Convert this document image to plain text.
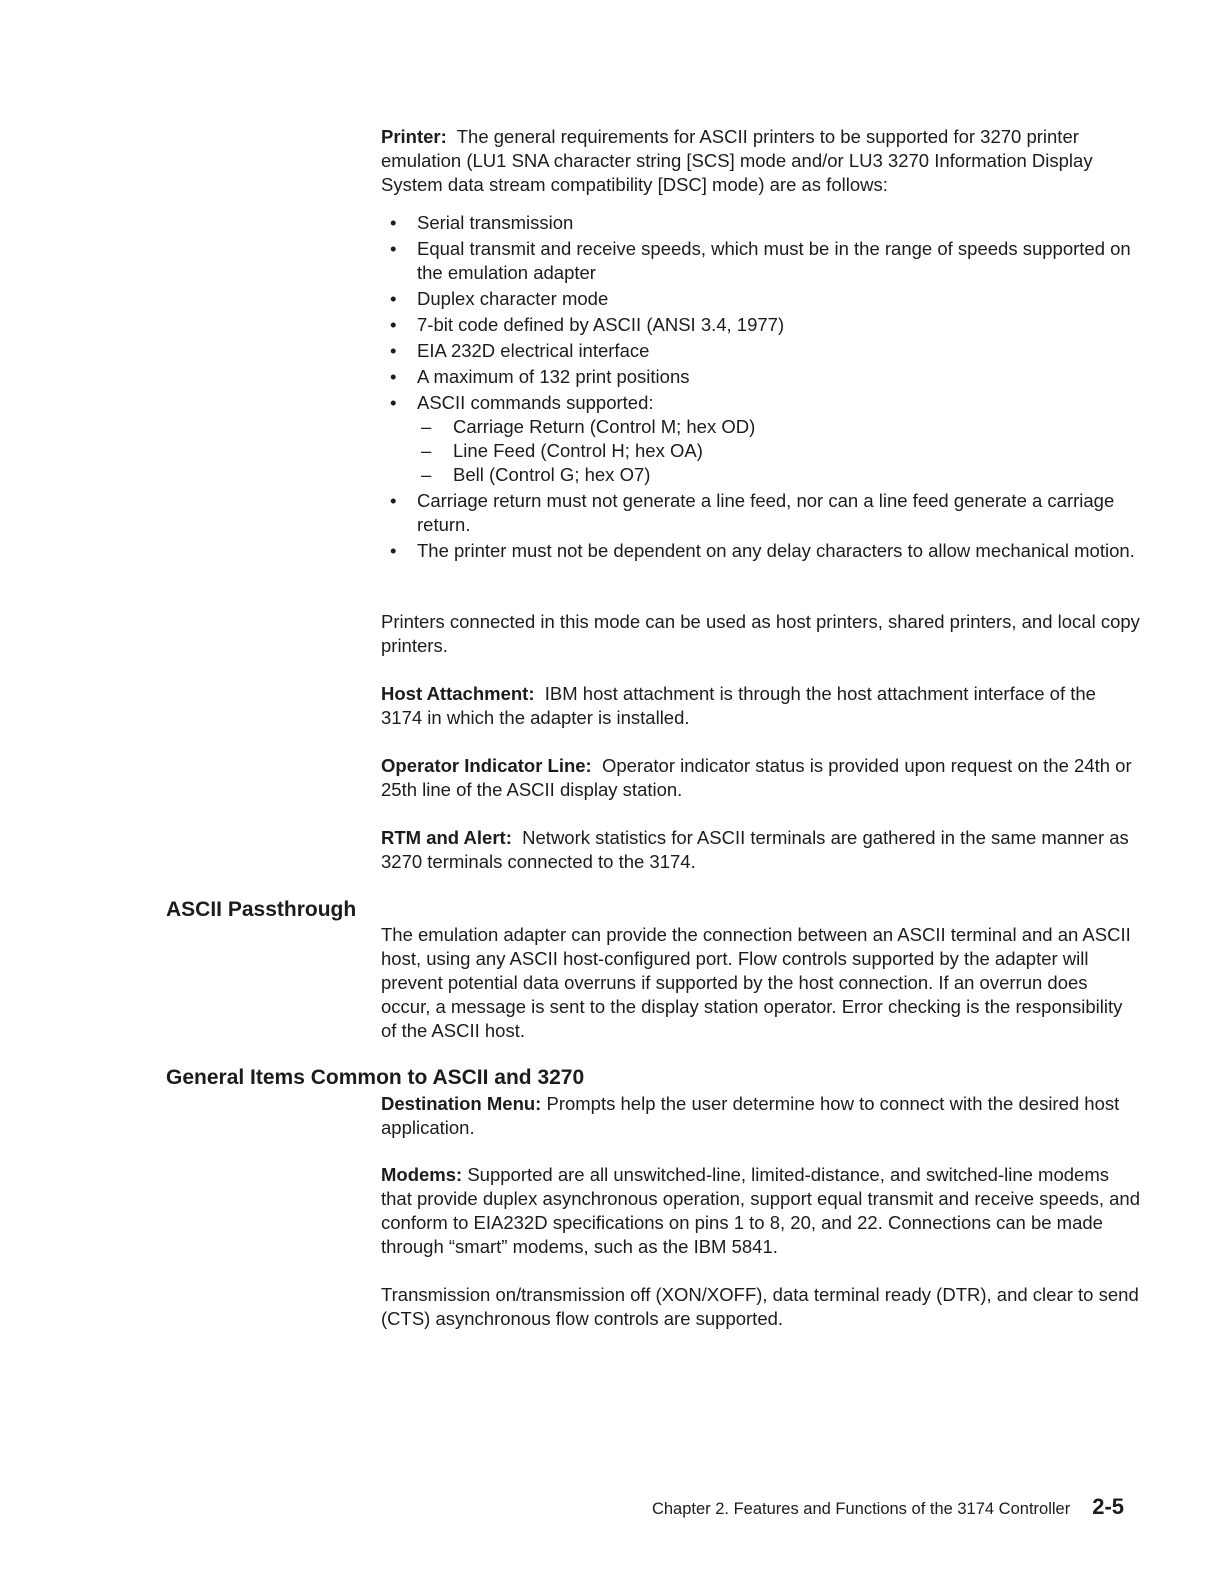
Printer: The general requirements for ASCII printers to be supported for 3270 printer emulation (LU1 SNA character string [SCS] mode and/or LU3 3270 Information Display System data stream compatibility [DSC] mode) are as follows:

• Serial transmission
• Equal transmit and receive speeds, which must be in the range of speeds supported on the emulation adapter
• Duplex character mode
• 7-bit code defined by ASCII (ANSI 3.4, 1977)
• EIA 232D electrical interface
• A maximum of 132 print positions
• ASCII commands supported:
– Carriage Return (Control M; hex OD)
– Line Feed (Control H; hex OA)
– Bell (Control G; hex O7)
• Carriage return must not generate a line feed, nor can a line feed generate a carriage return.
• The printer must not be dependent on any delay characters to allow mechanical motion.

Printers connected in this mode can be used as host printers, shared printers, and local copy printers.

Host Attachment: IBM host attachment is through the host attachment interface of the 3174 in which the adapter is installed.

Operator Indicator Line: Operator indicator status is provided upon request on the 24th or 25th line of the ASCII display station.

RTM and Alert: Network statistics for ASCII terminals are gathered in the same manner as 3270 terminals connected to the 3174.

ASCII Passthrough

The emulation adapter can provide the connection between an ASCII terminal and an ASCII host, using any ASCII host-configured port. Flow controls supported by the adapter will prevent potential data overruns if supported by the host connection. If an overrun does occur, a message is sent to the display station operator. Error checking is the responsibility of the ASCII host.

General Items Common to ASCII and 3270

Destination Menu: Prompts help the user determine how to connect with the desired host application.

Modems: Supported are all unswitched-line, limited-distance, and switched-line modems that provide duplex asynchronous operation, support equal transmit and receive speeds, and conform to EIA232D specifications on pins 1 to 8, 20, and 22. Connections can be made through “smart” modems, such as the IBM 5841.

Transmission on/transmission off (XON/XOFF), data terminal ready (DTR), and clear to send (CTS) asynchronous flow controls are supported.

Chapter 2. Features and Functions of the 3174 Controller 2-5
